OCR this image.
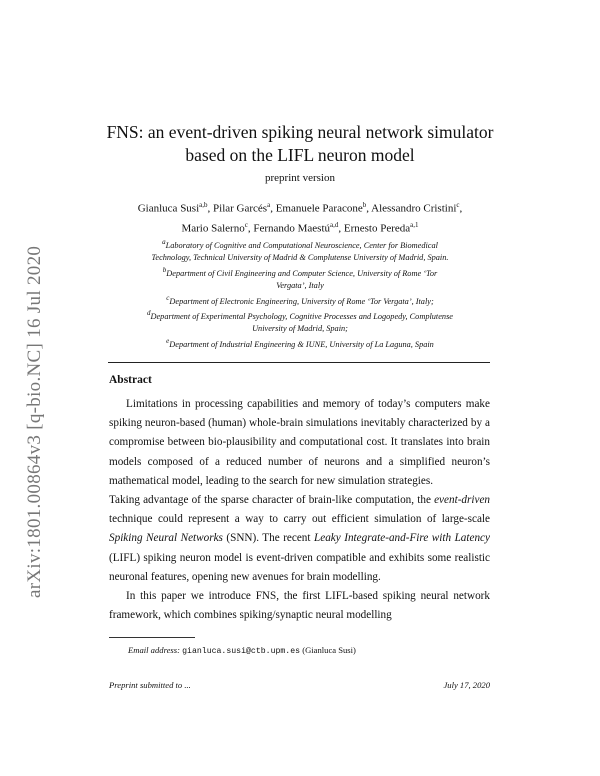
arXiv:1801.00864v3 [q-bio.NC] 16 Jul 2020
FNS: an event-driven spiking neural network simulator
based on the LIFL neuron model
preprint version
Gianluca Susi$^{a,b}$, Pilar Garcés$^a$, Emanuele Paracone$^b$, Alessandro Cristini$^c$,
Mario Salerno$^c$, Fernando Maestú$^{a,d}$, Ernesto Pereda$^{a,1}$
$^a$Laboratory of Cognitive and Computational Neuroscience, Center for Biomedical
Technology, Technical University of Madrid & Complutense University of Madrid, Spain.
$^b$Department of Civil Engineering and Computer Science, University of Rome ‘Tor
Vergata’, Italy
$^c$Department of Electronic Engineering, University of Rome ‘Tor Vergata’, Italy;
$^d$Department of Experimental Psychology, Cognitive Processes and Logopedy, Complutense
University of Madrid, Spain;
$^e$Department of Industrial Engineering & IUNE, University of La Laguna, Spain
Abstract

Limitations in processing capabilities and memory of today’s computers make spiking neuron-based (human) whole-brain simulations inevitably characterized by a compromise between bio-plausibility and computational cost. It translates into brain models composed of a reduced number of neurons and a simplified neuron’s mathematical model, leading to the search for new simulation strategies.

Taking advantage of the sparse character of brain-like computation, the event-driven technique could represent a way to carry out efficient simulation of large-scale Spiking Neural Networks (SNN). The recent Leaky Integrate-and-Fire with Latency (LIFL) spiking neuron model is event-driven compatible and exhibits some realistic neuronal features, opening new avenues for brain modelling.

In this paper we introduce FNS, the first LIFL-based spiking neural network framework, which combines spiking/synaptic neural modelling

Email address: gianluca.susi@ctb.upm.es (Gianluca Susi)
Preprint submitted to ...	July 17, 2020
